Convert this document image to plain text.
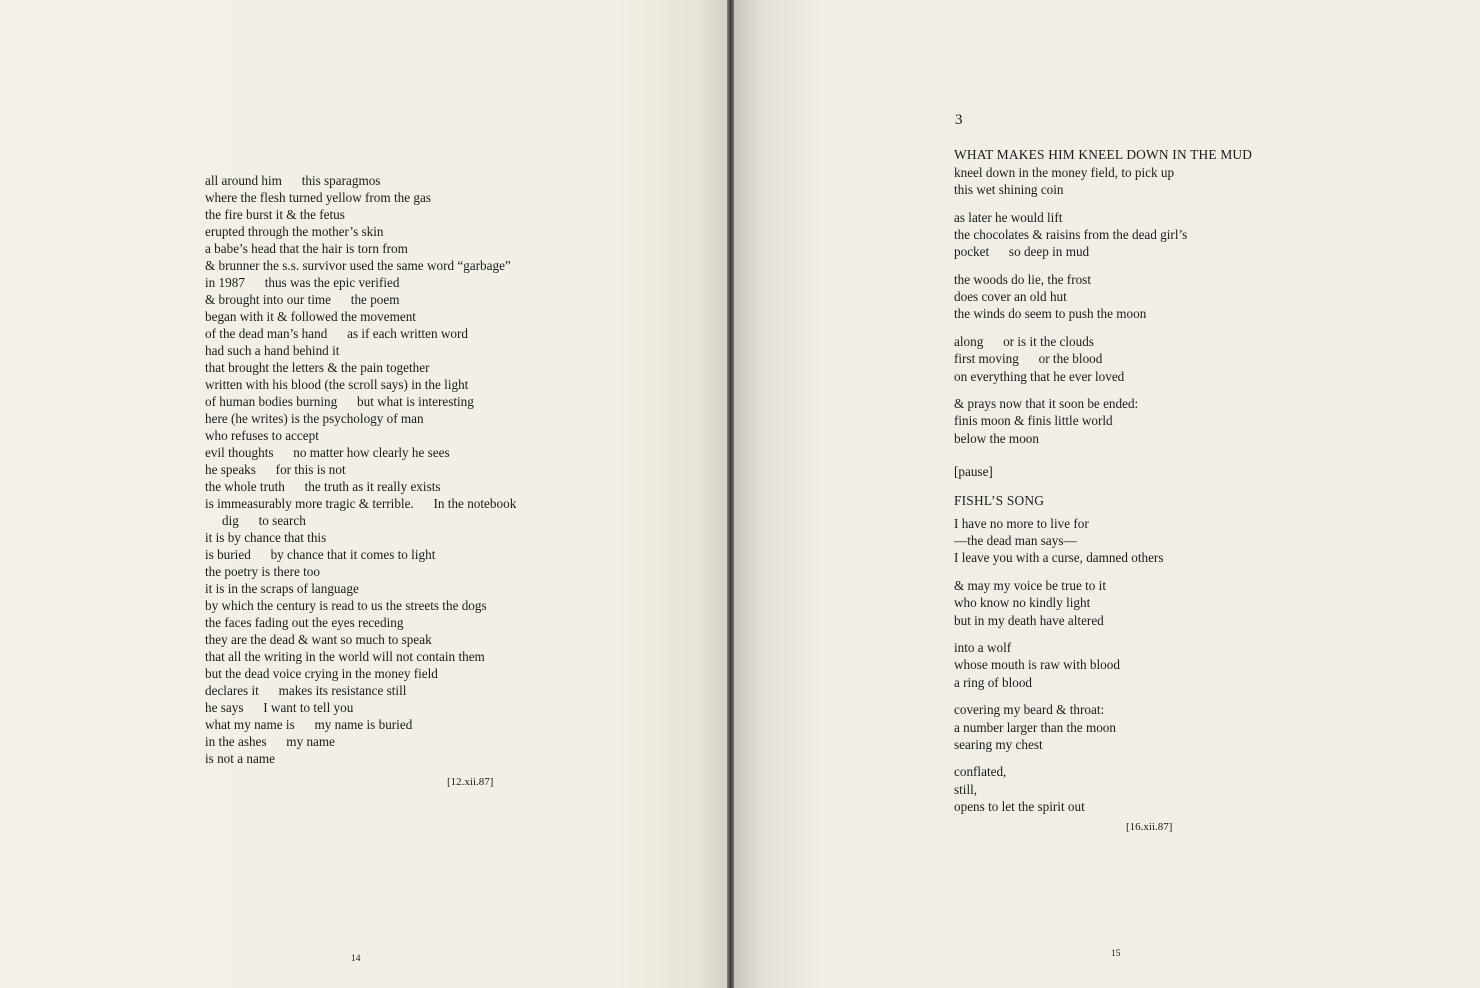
all around him      this sparagmos
where the flesh turned yellow from the gas
the fire burst it & the fetus
erupted through the mother’s skin
a babe’s head that the hair is torn from
& brunner the s.s. survivor used the same word “garbage”
in 1987      thus was the epic verified
& brought into our time      the poem
began with it & followed the movement
of the dead man’s hand      as if each written word
had such a hand behind it
that brought the letters & the pain together
written with his blood (the scroll says) in the light
of human bodies burning      but what is interesting
here (he writes) is the psychology of man
who refuses to accept
evil thoughts      no matter how clearly he sees
he speaks      for this is not
the whole truth      the truth as it really exists
is immeasurably more tragic & terrible.      In the notebook
dig      to search
it is by chance that this
is buried      by chance that it comes to light
the poetry is there too
it is in the scraps of language
by which the century is read to us the streets the dogs
the faces fading out the eyes receding
they are the dead & want so much to speak
that all the writing in the world will not contain them
but the dead voice crying in the money field
declares it      makes its resistance still
he says      I want to tell you
what my name is      my name is buried
in the ashes      my name
is not a name
[12.xii.87]
14
3
WHAT MAKES HIM KNEEL DOWN IN THE MUD
kneel down in the money field, to pick up
this wet shining coin
as later he would lift
the chocolates & raisins from the dead girl’s
pocket      so deep in mud
the woods do lie, the frost
does cover an old hut
the winds do seem to push the moon
along      or is it the clouds
first moving      or the blood
on everything that he ever loved
& prays now that it soon be ended:
finis moon & finis little world
below the moon
[pause]
FISHL’S SONG
I have no more to live for
—the dead man says—
I leave you with a curse, damned others
& may my voice be true to it
who know no kindly light
but in my death have altered
into a wolf
whose mouth is raw with blood
a ring of blood
covering my beard & throat:
a number larger than the moon
searing my chest
conflated,
still,
opens to let the spirit out
[16.xii.87]
15
